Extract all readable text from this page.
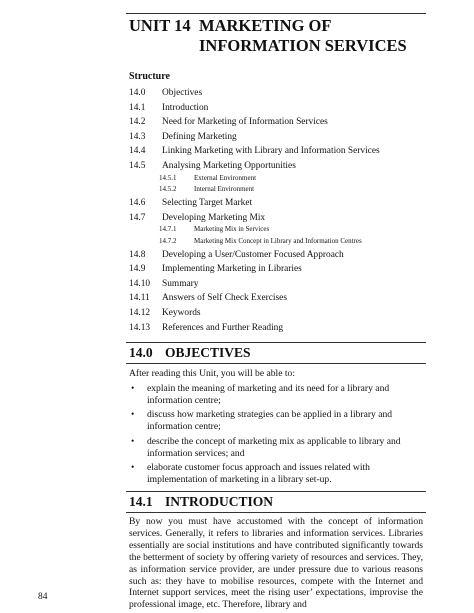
UNIT 14 MARKETING OF
INFORMATION SERVICES
Structure
14.0 Objectives
14.1 Introduction
14.2 Need for Marketing of Information Services
14.3 Defining Marketing
14.4 Linking Marketing with Library and Information Services
14.5 Analysing Marketing Opportunities
14.5.1	External Environment
14.5.2	Internal Environment
14.6 Selecting Target Market
14.7 Developing Marketing Mix
14.7.1	Marketing Mix in Services
14.7.2	Marketing Mix Concept in Library and Information Centres
14.8 Developing a User/Customer Focused Approach
14.9 Implementing Marketing in Libraries
14.10 Summary
14.11 Answers of Self Check Exercises
14.12 Keywords
14.13 References and Further Reading
14.0 OBJECTIVES
After reading this Unit, you will be able to:
• explain the meaning of marketing and its need for a library and information centre;
• discuss how marketing strategies can be applied in a library and information centre;
• describe the concept of marketing mix as applicable to library and information services; and
• elaborate customer focus approach and issues related with implementation of marketing in a library set-up.
14.1 INTRODUCTION
By now you must have accustomed with the concept of information services. Generally, it refers to libraries and information services. Libraries essentially are social institutions and have contributed significantly towards the betterment of society by offering variety of resources and services. They, as information service provider, are under pressure due to various reasons such as: they have to mobilise resources, compete with the Internet and Internet support services, meet the rising user’ expectations, improvise the professional image, etc. Therefore, library and
84
